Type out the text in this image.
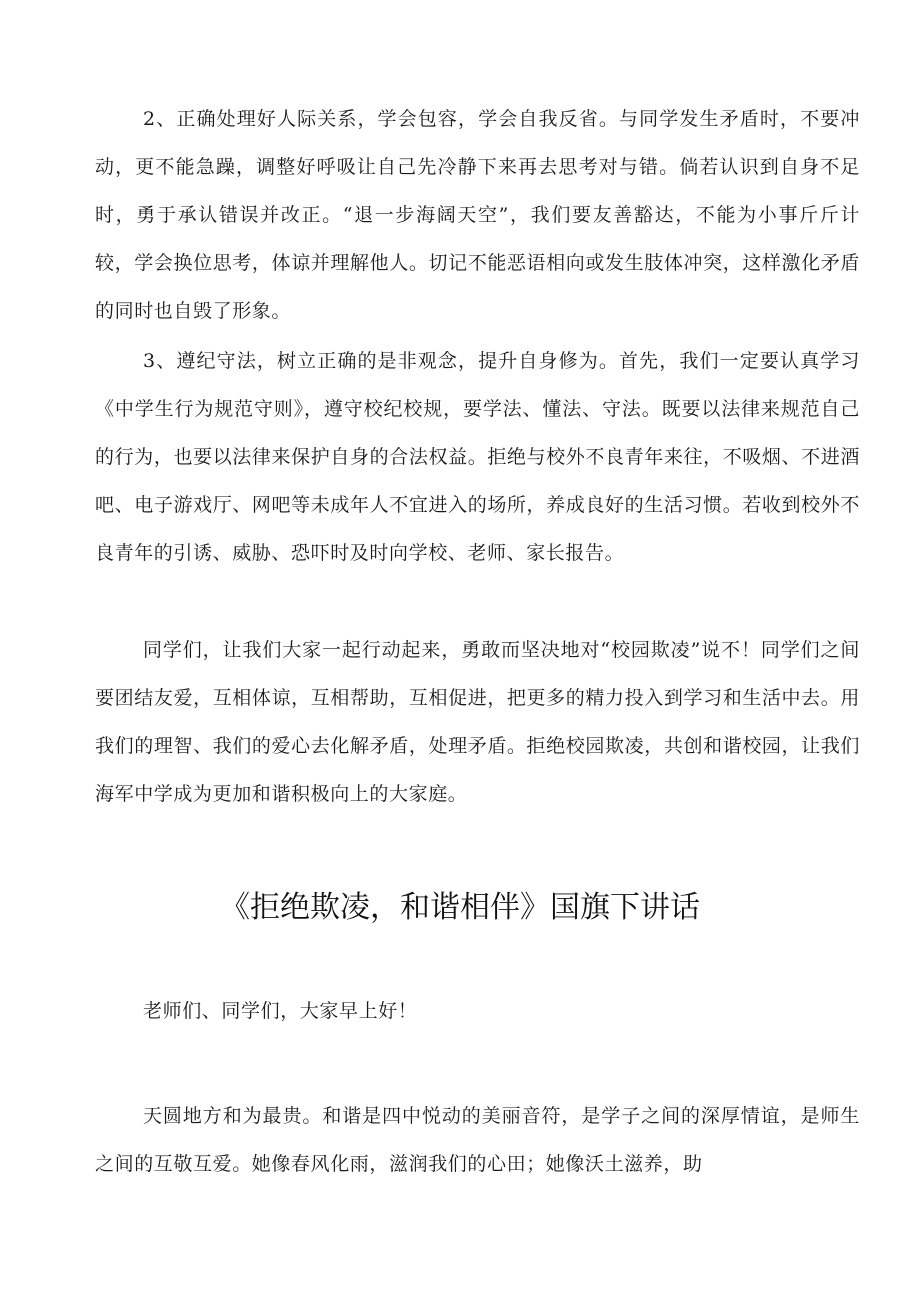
2、正确处理好人际关系，学会包容，学会自我反省。与同学发生矛盾时，不要冲动，更不能急躁，调整好呼吸让自己先冷静下来再去思考对与错。倘若认识到自身不足时，勇于承认错误并改正。“退一步海阔天空”，我们要友善豁达，不能为小事斤斤计较，学会换位思考，体谅并理解他人。切记不能恶语相向或发生肢体冲突，这样激化矛盾的同时也自毁了形象。

3、遵纪守法，树立正确的是非观念，提升自身修为。首先，我们一定要认真学习《中学生行为规范守则》，遵守校纪校规，要学法、懂法、守法。既要以法律来规范自己的行为，也要以法律来保护自身的合法权益。拒绝与校外不良青年来往，不吸烟、不进酒吧、电子游戏厅、网吧等未成年人不宜进入的场所，养成良好的生活习惯。若收到校外不良青年的引诱、威胁、恐吓时及时向学校、老师、家长报告。

同学们，让我们大家一起行动起来，勇敢而坚决地对“校园欺凌”说不！同学们之间要团结友爱，互相体谅，互相帮助，互相促进，把更多的精力投入到学习和生活中去。用我们的理智、我们的爱心去化解矛盾，处理矛盾。拒绝校园欺凌，共创和谐校园，让我们海军中学成为更加和谐积极向上的大家庭。

《拒绝欺凌，和谐相伴》国旗下讲话

老师们、同学们，大家早上好！

天圆地方和为最贵。和谐是四中悦动的美丽音符，是学子之间的深厚情谊，是师生之间的互敬互爱。她像春风化雨，滋润我们的心田；她像沃土滋养，助
